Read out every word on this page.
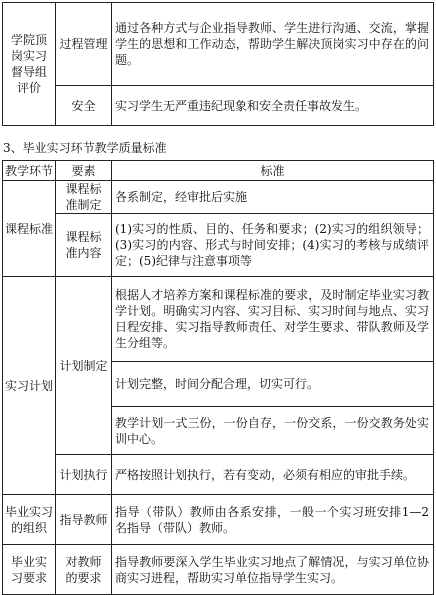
学院顶岗实习督导组评价	过程管理	通过各种方式与企业指导教师、学生进行沟通、交流，掌握学生的思想和工作动态，帮助学生解决顶岗实习中存在的问题。
	安全	实习学生无严重违纪现象和安全责任事故发生。
3、毕业实习环节教学质量标准
教学环节	要素	标准
课程标准	课程标准制定	各系制定，经审批后实施
	课程标准内容	(1)实习的性质、目的、任务和要求；(2)实习的组织领导；(3)实习的内容、形式与时间安排；(4)实习的考核与成绩评定；(5)纪律与注意事项等
实习计划	计划制定	根据人才培养方案和课程标准的要求，及时制定毕业实习教学计划。明确实习内容、实习目标、实习时间与地点、实习日程安排、实习指导教师责任、对学生要求、带队教师及学生分组等。
		计划完整，时间分配合理，切实可行。
		教学计划一式三份，一份自存，一份交系，一份交教务处实训中心。
	计划执行	严格按照计划执行，若有变动，必须有相应的审批手续。
毕业实习的组织	指导教师	指导（带队）教师由各系安排，一般一个实习班安排1—2名指导（带队）教师。
毕业实习要求	对教师的要求	指导教师要深入学生毕业实习地点了解情况，与实习单位协商实习进程，帮助实习单位指导学生实习。
